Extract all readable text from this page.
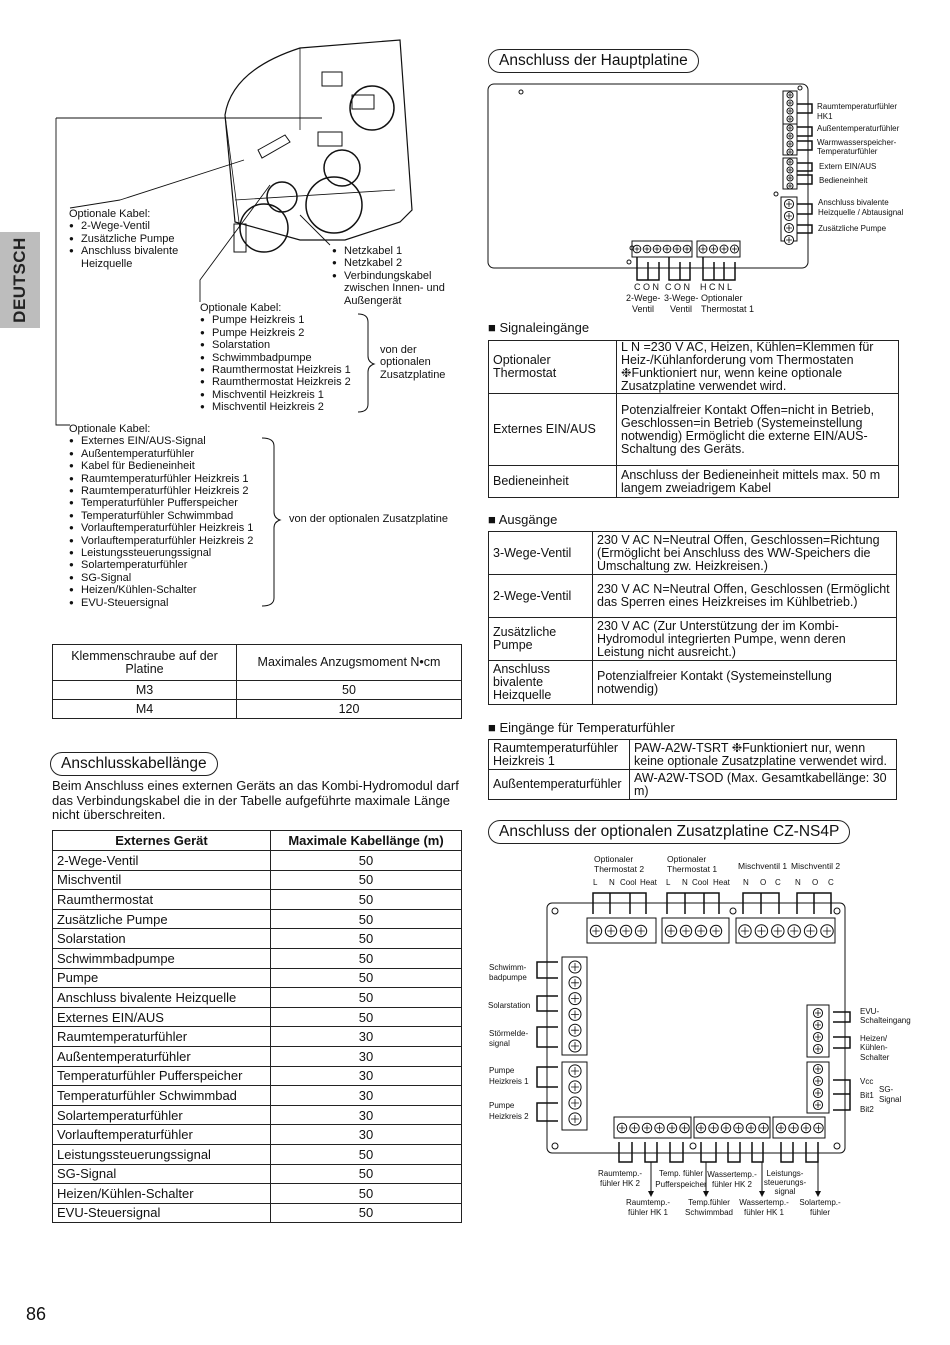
DEUTSCH
Raumtemperaturfühler
HK1
Außentemperaturfühler
Warmwasserspeicher-
Temperaturfühler
Extern EIN/AUS
Bedieneinheit
Anschluss bivalente
Heizquelle / Abtausignal
Zusätzliche Pumpe
C O N C O N H C N L
2-Wege-
Ventil
3-Wege-
Ventil
Optionaler
Thermostat 1
Optionaler
Thermostat 2
Optionaler
Thermostat 1 Mischventil 1 Mischventil 2
L N Cool Heat L N Cool Heat N O C N O C
Schwimm-
badpumpe
Solarstation
Störmelde-
signal
Pumpe
Heizkreis 1
Pumpe
Heizkreis 2
EVU-
Schalteingang
Heizen/
Kühlen-
Schalter
Vcc
Bit1
Bit2
SG-
Signal
Raumtemp.-
fühler HK 2
Temp. fühler
Pufferspeicher
Wassertemp.-
fühler HK 2
Leistungs-
steuerungs-
signal
Raumtemp.-
fühler HK 1
Temp.fühler
Schwimmbad
Wassertemp.-
fühler HK 1
Solartemp.-
fühler
Optionale Kabel:
● 2-Wege-Ventil
● Zusätzliche Pumpe
● Anschluss bivalente Heizquelle
● Netzkabel 1
● Netzkabel 2
● Verbindungskabel zwischen Innen- und Außengerät
Optionale Kabel:
● Pumpe Heizkreis 1
● Pumpe Heizkreis 2
● Solarstation
● Schwimmbadpumpe
● Raumthermostat Heizkreis 1
● Raumthermostat Heizkreis 2
● Mischventil Heizkreis 1
● Mischventil Heizkreis 2
von der optionalen Zusatzplatine
Optionale Kabel:
● Externes EIN/AUS-Signal
● Außentemperaturfühler
● Kabel für Bedieneinheit
● Raumtemperaturfühler Heizkreis 1
● Raumtemperaturfühler Heizkreis 2
● Temperaturfühler Pufferspeicher
● Temperaturfühler Schwimmbad
● Vorlauftemperaturfühler Heizkreis 1
● Vorlauftemperaturfühler Heizkreis 2
● Leistungssteuerungssignal
● Solartemperaturfühler
● SG-Signal
● Heizen/Kühlen-Schalter
● EVU-Steuersignal
von der optionalen Zusatzplatine
Klemmenschraube auf der Platine	Maximales Anzugsmoment N•cm
M3	50
M4	120
Anschlusskabellänge
Beim Anschluss eines externen Geräts an das Kombi-Hydromodul darf das Verbindungskabel die in der Tabelle aufgeführte maximale Länge nicht überschreiten.
Externes Gerät	Maximale Kabellänge (m)
2-Wege-Ventil	50
Mischventil	50
Raumthermostat	50
Zusätzliche Pumpe	50
Solarstation	50
Schwimmbadpumpe	50
Pumpe	50
Anschluss bivalente Heizquelle	50
Externes EIN/AUS	50
Raumtemperaturfühler	30
Außentemperaturfühler	30
Temperaturfühler Pufferspeicher	30
Temperaturfühler Schwimmbad	30
Solartemperaturfühler	30
Vorlauftemperaturfühler	30
Leistungssteuerungssignal	50
SG-Signal	50
Heizen/Kühlen-Schalter	50
EVU-Steuersignal	50
86
Anschluss der Hauptplatine
■ Signaleingänge
Optionaler Thermostat	L N =230 V AC, Heizen, Kühlen=Klemmen für Heiz-/Kühlanforderung vom Thermostaten ❉Funktioniert nur, wenn keine optionale Zusatzplatine verwendet wird.
Externes EIN/AUS	Potenzialfreier Kontakt Offen=nicht in Betrieb, Geschlossen=in Betrieb (Systemeinstellung notwendig) Ermöglicht die externe EIN/AUS-Schaltung des Geräts.
Bedieneinheit	Anschluss der Bedieneinheit mittels max. 50 m langem zweiadrigem Kabel
■ Ausgänge
3-Wege-Ventil	230 V AC N=Neutral Offen, Geschlossen=Richtung (Ermöglicht bei Anschluss des WW-Speichers die Umschaltung zw. Heizkreisen.)
2-Wege-Ventil	230 V AC N=Neutral Offen, Geschlossen (Ermöglicht das Sperren eines Heizkreises im Kühlbetrieb.)
Zusätzliche Pumpe	230 V AC (Zur Unterstützung der im Kombi-Hydromodul integrierten Pumpe, wenn deren Leistung nicht ausreicht.)
Anschluss bivalente Heizquelle	Potenzialfreier Kontakt (Systemeinstellung notwendig)
■ Eingänge für Temperaturfühler
Raumtemperaturfühler Heizkreis 1	PAW-A2W-TSRT ❉Funktioniert nur, wenn keine optionale Zusatzplatine verwendet wird.
Außentemperaturfühler	AW-A2W-TSOD (Max. Gesamtkabellänge: 30 m)
Anschluss der optionalen Zusatzplatine CZ-NS4P
